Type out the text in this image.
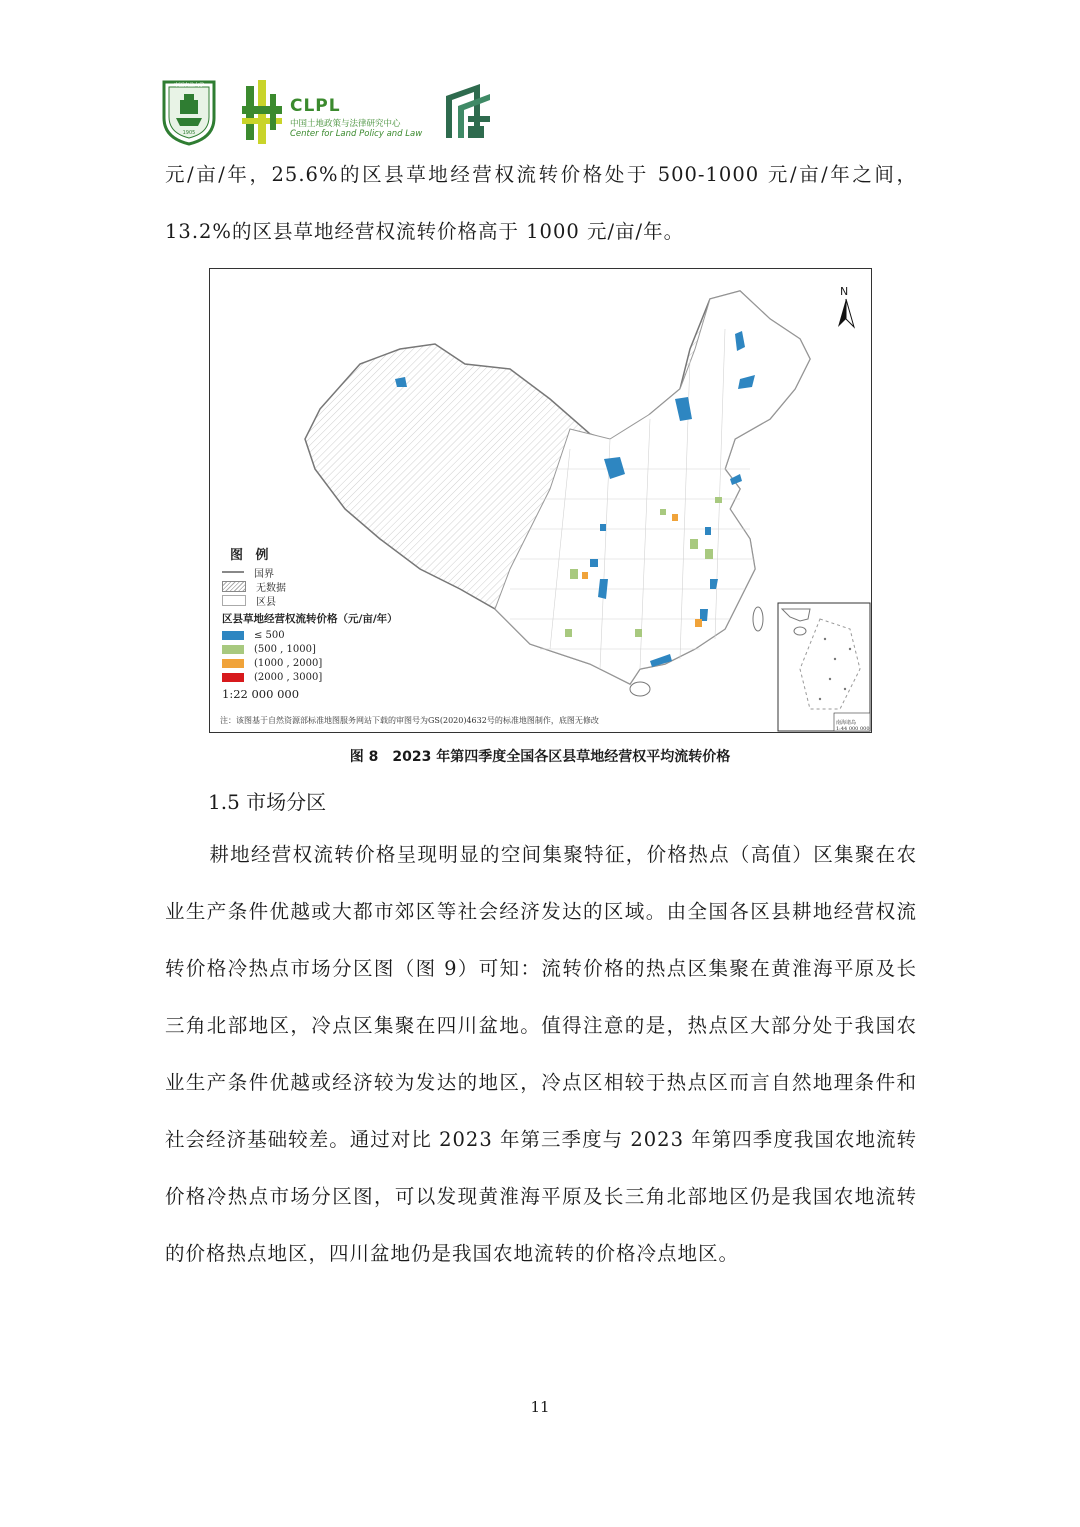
中国农业大学
1905
CLPL
中国土地政策与法律研究中心
Center for Land Policy and Law
元/亩/年，25.6%的区县草地经营权流转价格处于 500-1000 元/亩/年之间，13.2%的区县草地经营权流转价格高于 1000 元/亩/年。
N
图 例
国界
无数据
区县
区县草地经营权流转价格（元/亩/年）
≤ 500
(500 , 1000]
(1000 , 2000]
(2000 , 3000]
1:22 000 000
注：该图基于自然资源部标准地图服务网站下载的审图号为GS(2020)4632号的标准地图制作，底图无修改	南海诸岛
1:44 000 000
图 8　2023 年第四季度全国各区县草地经营权平均流转价格
1.5 市场分区
耕地经营权流转价格呈现明显的空间集聚特征，价格热点（高值）区集聚在农业生产条件优越或大都市郊区等社会经济发达的区域。由全国各区县耕地经营权流转价格冷热点市场分区图（图 9）可知：流转价格的热点区集聚在黄淮海平原及长三角北部地区，冷点区集聚在四川盆地。值得注意的是，热点区大部分处于我国农业生产条件优越或经济较为发达的地区，冷点区相较于热点区而言自然地理条件和社会经济基础较差。通过对比 2023 年第三季度与 2023 年第四季度我国农地流转价格冷热点市场分区图，可以发现黄淮海平原及长三角北部地区仍是我国农地流转的价格热点地区，四川盆地仍是我国农地流转的价格冷点地区。
11
